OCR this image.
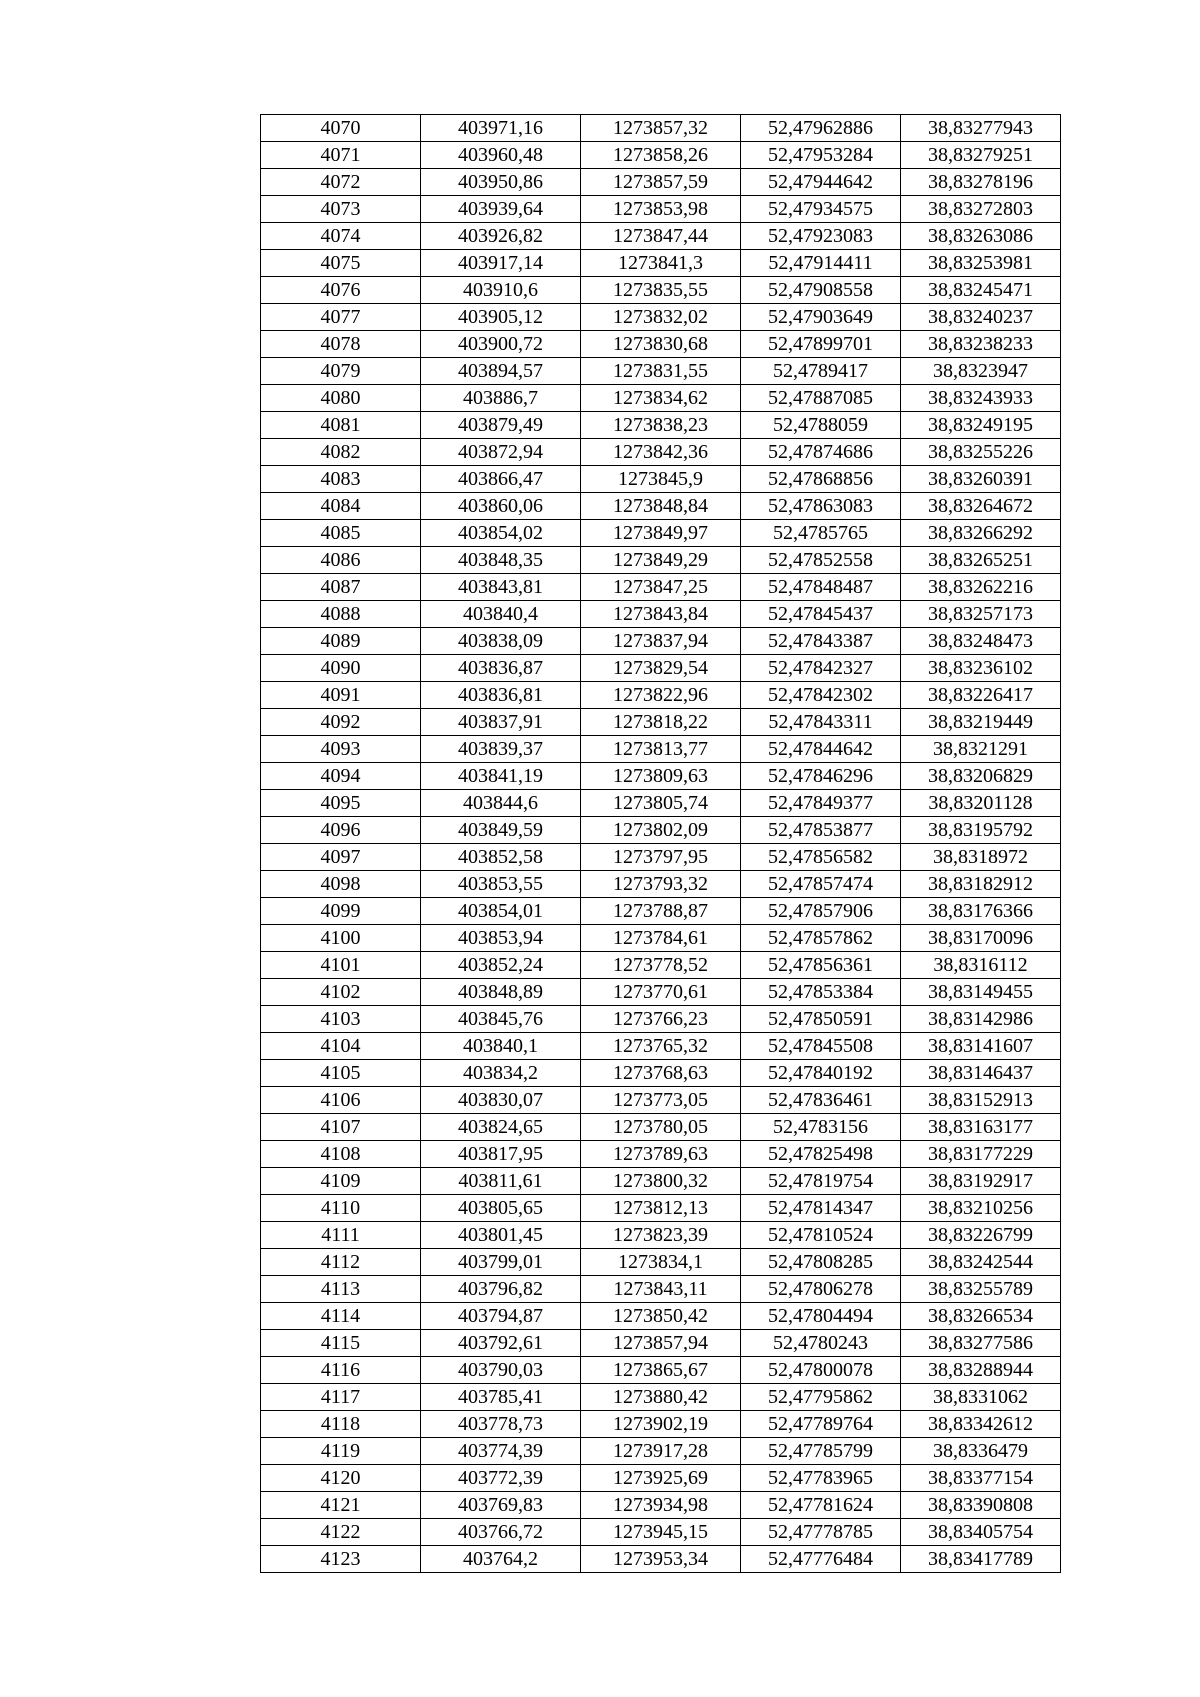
4070	403971,16	1273857,32	52,47962886	38,83277943
4071	403960,48	1273858,26	52,47953284	38,83279251
4072	403950,86	1273857,59	52,47944642	38,83278196
4073	403939,64	1273853,98	52,47934575	38,83272803
4074	403926,82	1273847,44	52,47923083	38,83263086
4075	403917,14	1273841,3	52,47914411	38,83253981
4076	403910,6	1273835,55	52,47908558	38,83245471
4077	403905,12	1273832,02	52,47903649	38,83240237
4078	403900,72	1273830,68	52,47899701	38,83238233
4079	403894,57	1273831,55	52,4789417	38,8323947
4080	403886,7	1273834,62	52,47887085	38,83243933
4081	403879,49	1273838,23	52,4788059	38,83249195
4082	403872,94	1273842,36	52,47874686	38,83255226
4083	403866,47	1273845,9	52,47868856	38,83260391
4084	403860,06	1273848,84	52,47863083	38,83264672
4085	403854,02	1273849,97	52,4785765	38,83266292
4086	403848,35	1273849,29	52,47852558	38,83265251
4087	403843,81	1273847,25	52,47848487	38,83262216
4088	403840,4	1273843,84	52,47845437	38,83257173
4089	403838,09	1273837,94	52,47843387	38,83248473
4090	403836,87	1273829,54	52,47842327	38,83236102
4091	403836,81	1273822,96	52,47842302	38,83226417
4092	403837,91	1273818,22	52,47843311	38,83219449
4093	403839,37	1273813,77	52,47844642	38,8321291
4094	403841,19	1273809,63	52,47846296	38,83206829
4095	403844,6	1273805,74	52,47849377	38,83201128
4096	403849,59	1273802,09	52,47853877	38,83195792
4097	403852,58	1273797,95	52,47856582	38,8318972
4098	403853,55	1273793,32	52,47857474	38,83182912
4099	403854,01	1273788,87	52,47857906	38,83176366
4100	403853,94	1273784,61	52,47857862	38,83170096
4101	403852,24	1273778,52	52,47856361	38,8316112
4102	403848,89	1273770,61	52,47853384	38,83149455
4103	403845,76	1273766,23	52,47850591	38,83142986
4104	403840,1	1273765,32	52,47845508	38,83141607
4105	403834,2	1273768,63	52,47840192	38,83146437
4106	403830,07	1273773,05	52,47836461	38,83152913
4107	403824,65	1273780,05	52,4783156	38,83163177
4108	403817,95	1273789,63	52,47825498	38,83177229
4109	403811,61	1273800,32	52,47819754	38,83192917
4110	403805,65	1273812,13	52,47814347	38,83210256
4111	403801,45	1273823,39	52,47810524	38,83226799
4112	403799,01	1273834,1	52,47808285	38,83242544
4113	403796,82	1273843,11	52,47806278	38,83255789
4114	403794,87	1273850,42	52,47804494	38,83266534
4115	403792,61	1273857,94	52,4780243	38,83277586
4116	403790,03	1273865,67	52,47800078	38,83288944
4117	403785,41	1273880,42	52,47795862	38,8331062
4118	403778,73	1273902,19	52,47789764	38,83342612
4119	403774,39	1273917,28	52,47785799	38,8336479
4120	403772,39	1273925,69	52,47783965	38,83377154
4121	403769,83	1273934,98	52,47781624	38,83390808
4122	403766,72	1273945,15	52,47778785	38,83405754
4123	403764,2	1273953,34	52,47776484	38,83417789
